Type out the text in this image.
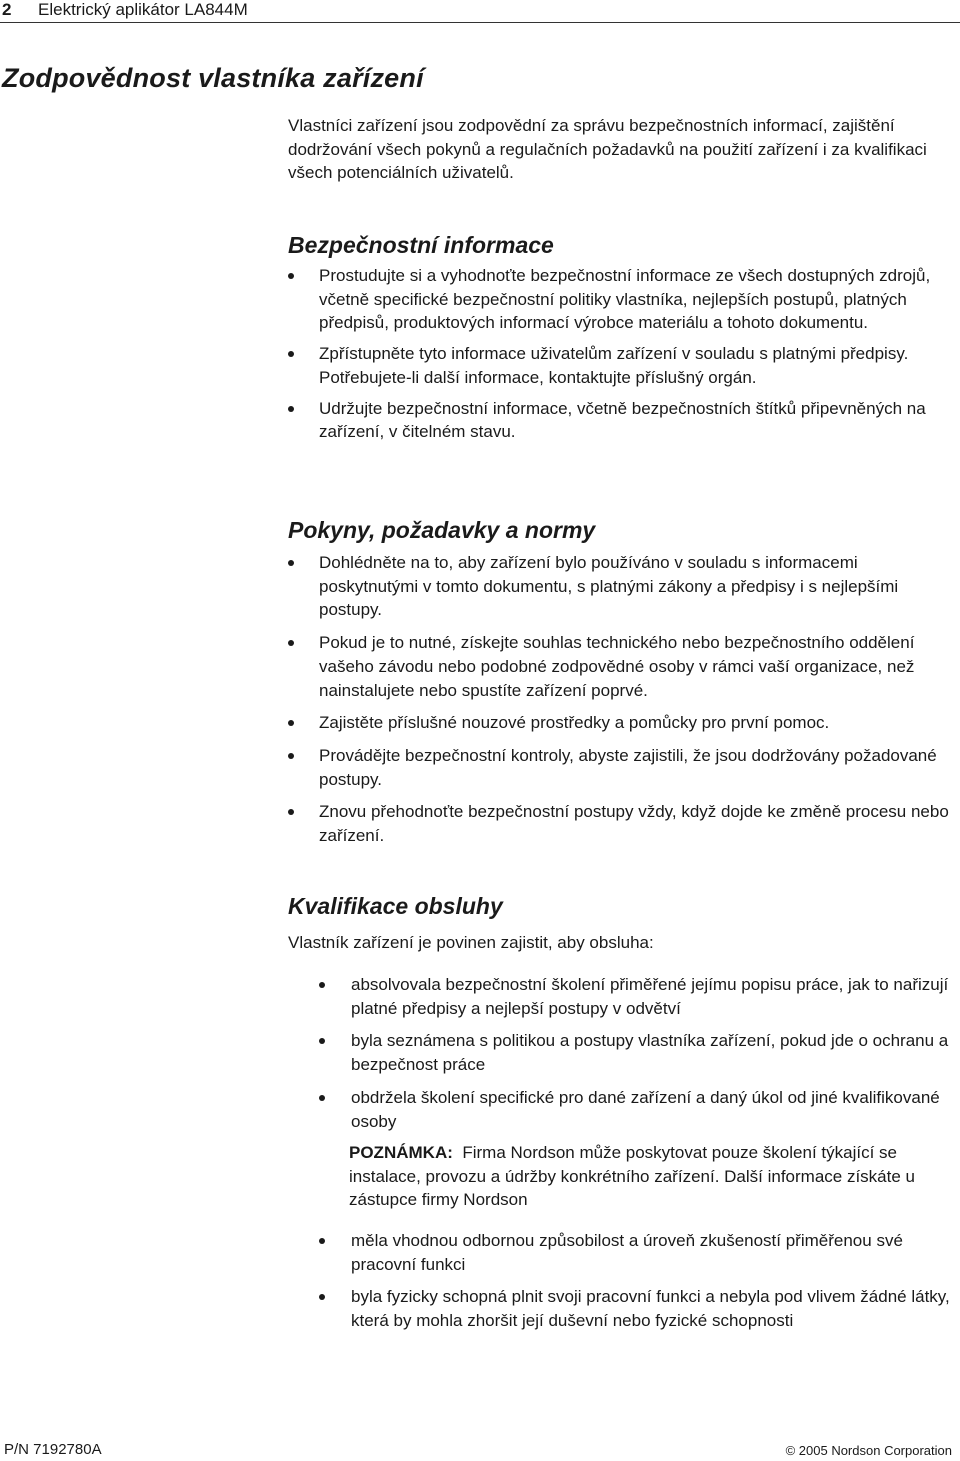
2 Elektrický aplikátor LA844M
Zodpovědnost vlastníka zařízení

Vlastníci zařízení jsou zodpovědní za správu bezpečnostních informací, zajištění dodržování všech pokynů a regulačních požadavků na použití zařízení i za kvalifikaci všech potenciálních uživatelů.

Bezpečnostní informace
Prostudujte si a vyhodnoťte bezpečnostní informace ze všech dostupných zdrojů, včetně specifické bezpečnostní politiky vlastníka, nejlepších postupů, platných předpisů, produktových informací výrobce materiálu a tohoto dokumentu.
Zpřístupněte tyto informace uživatelům zařízení v souladu s platnými předpisy. Potřebujete-li další informace, kontaktujte příslušný orgán.
Udržujte bezpečnostní informace, včetně bezpečnostních štítků připevněných na zařízení, v čitelném stavu.
Pokyny, požadavky a normy
Dohlédněte na to, aby zařízení bylo používáno v souladu s informacemi poskytnutými v tomto dokumentu, s platnými zákony a předpisy i s nejlepšími postupy.
Pokud je to nutné, získejte souhlas technického nebo bezpečnostního oddělení vašeho závodu nebo podobné zodpovědné osoby v rámci vaší organizace, než nainstalujete nebo spustíte zařízení poprvé.
Zajistěte příslušné nouzové prostředky a pomůcky pro první pomoc.
Provádějte bezpečnostní kontroly, abyste zajistili, že jsou dodržovány požadované postupy.
Znovu přehodnoťte bezpečnostní postupy vždy, když dojde ke změně procesu nebo zařízení.
Kvalifikace obsluhy

Vlastník zařízení je povinen zajistit, aby obsluha:

absolvovala bezpečnostní školení přiměřené jejímu popisu práce, jak to nařizují platné předpisy a nejlepší postupy v odvětví
byla seznámena s politikou a postupy vlastníka zařízení, pokud jde o ochranu a bezpečnost práce
obdržela školení specifické pro dané zařízení a daný úkol od jiné kvalifikované osoby

POZNÁMKA: Firma Nordson může poskytovat pouze školení týkající se instalace, provozu a údržby konkrétního zařízení. Další informace získáte u zástupce firmy Nordson

měla vhodnou odbornou způsobilost a úroveň zkušeností přiměřenou své pracovní funkci
byla fyzicky schopná plnit svoji pracovní funkci a nebyla pod vlivem žádné látky, která by mohla zhoršit její duševní nebo fyzické schopnosti
P/N 7192780A	© 2005 Nordson Corporation
